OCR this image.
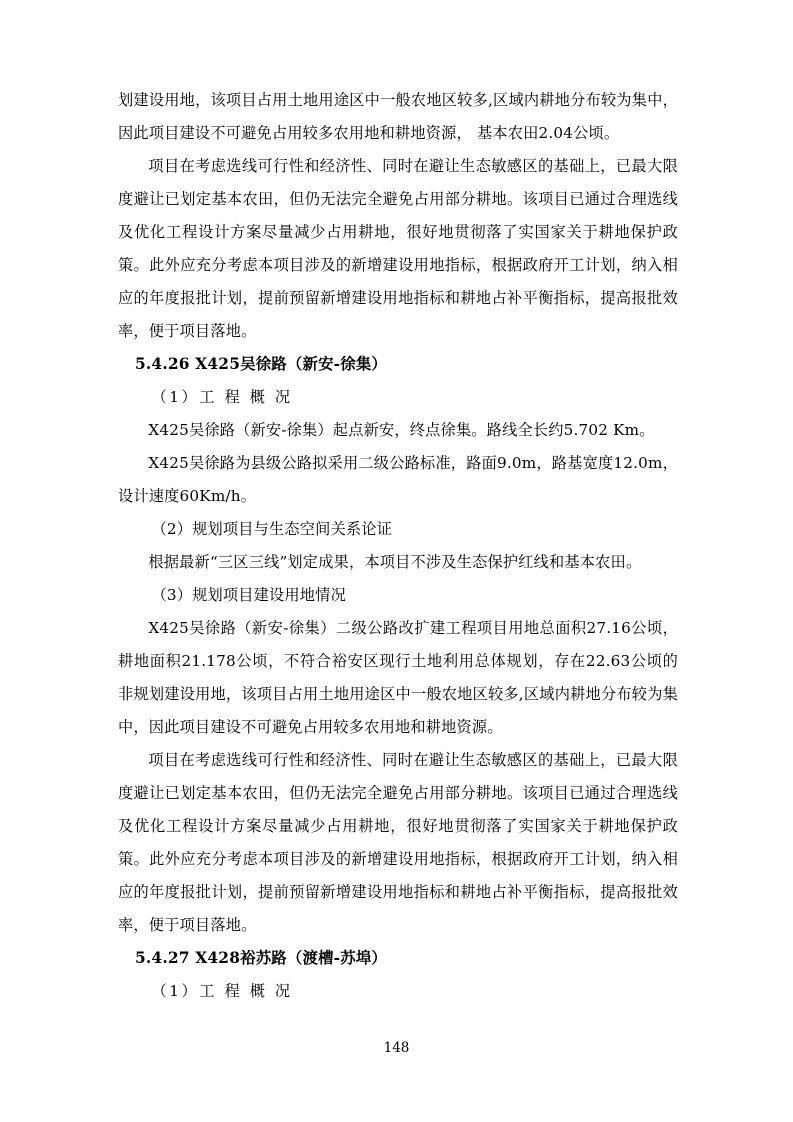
划建设用地，该项目占用土地用途区中一般农地区较多,区域内耕地分布较为集中，因此项目建设不可避免占用较多农用地和耕地资源， 基本农田2.04公顷。

项目在考虑选线可行性和经济性、同时在避让生态敏感区的基础上，已最大限度避让已划定基本农田，但仍无法完全避免占用部分耕地。该项目已通过合理选线及优化工程设计方案尽量减少占用耕地，很好地贯彻落了实国家关于耕地保护政策。此外应充分考虑本项目涉及的新增建设用地指标，根据政府开工计划，纳入相应的年度报批计划，提前预留新增建设用地指标和耕地占补平衡指标，提高报批效率，便于项目落地。

5.4.26 X425吴徐路（新安-徐集）

（1）工 程 概 况

X425吴徐路（新安-徐集）起点新安，终点徐集。路线全长约5.702 Km。

X425吴徐路为县级公路拟采用二级公路标准，路面9.0m，路基宽度12.0m，设计速度60Km/h。

（2）规划项目与生态空间关系论证

根据最新“三区三线”划定成果，本项目不涉及生态保护红线和基本农田。

（3）规划项目建设用地情况

X425吴徐路（新安-徐集）二级公路改扩建工程项目用地总面积27.16公顷，耕地面积21.178公顷，不符合裕安区现行土地利用总体规划，存在22.63公顷的非规划建设用地，该项目占用土地用途区中一般农地区较多,区域内耕地分布较为集中，因此项目建设不可避免占用较多农用地和耕地资源。

项目在考虑选线可行性和经济性、同时在避让生态敏感区的基础上，已最大限度避让已划定基本农田，但仍无法完全避免占用部分耕地。该项目已通过合理选线及优化工程设计方案尽量减少占用耕地，很好地贯彻落了实国家关于耕地保护政策。此外应充分考虑本项目涉及的新增建设用地指标，根据政府开工计划，纳入相应的年度报批计划，提前预留新增建设用地指标和耕地占补平衡指标，提高报批效率，便于项目落地。

5.4.27 X428裕苏路（渡槽-苏埠）

（1）工 程 概 况

148
